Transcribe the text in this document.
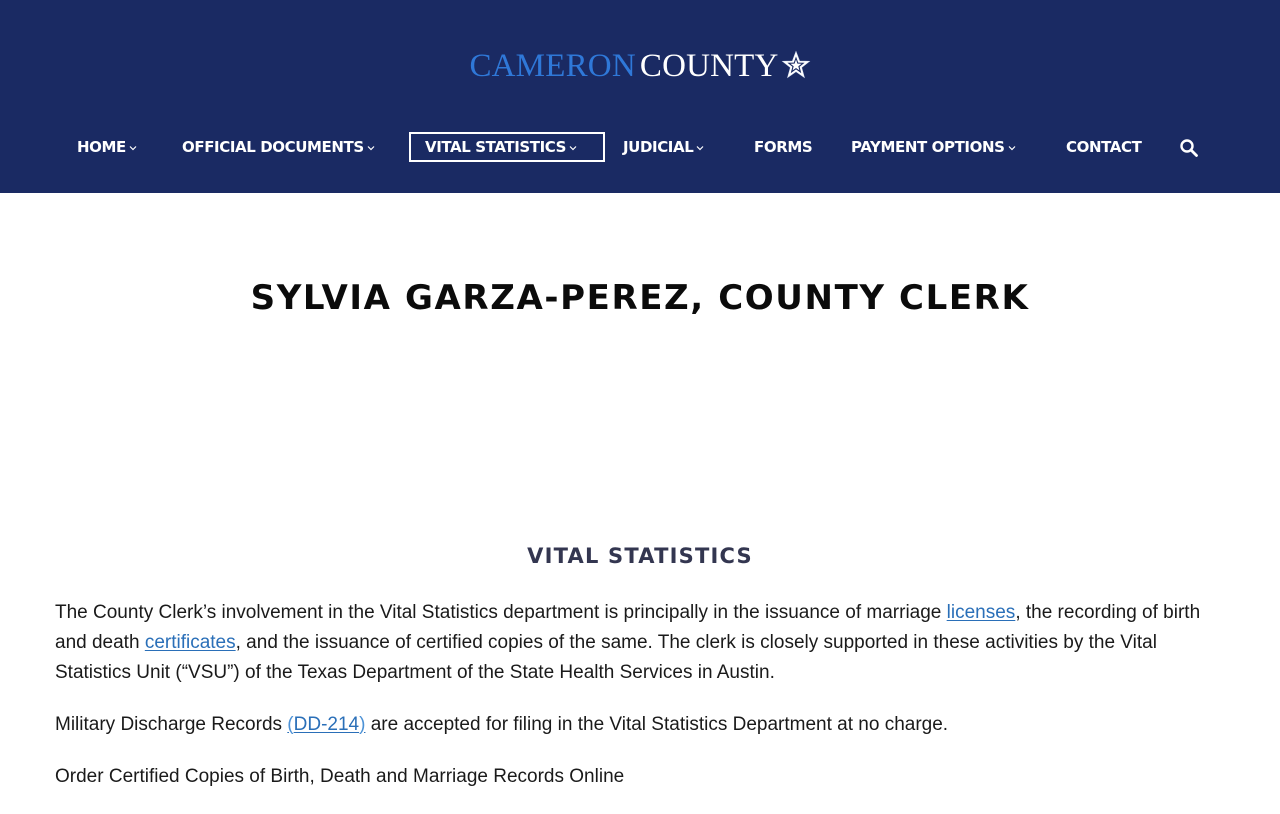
CAMERON COUNTY
HOME	OFFICIAL DOCUMENTS	VITAL STATISTICS	JUDICIAL	FORMS	PAYMENT OPTIONS	CONTACT
SYLVIA GARZA-PEREZ, COUNTY CLERK
VITAL STATISTICS

The County Clerk’s involvement in the Vital Statistics department is principally in the issuance of marriage licenses, the recording of birth and death certificates, and the issuance of certified copies of the same. The clerk is closely supported in these activities by the Vital Statistics Unit (“VSU”) of the Texas Department of the State Health Services in Austin.

Military Discharge Records (DD-214) are accepted for filing in the Vital Statistics Department at no charge.

Order Certified Copies of Birth, Death and Marriage Records Online
